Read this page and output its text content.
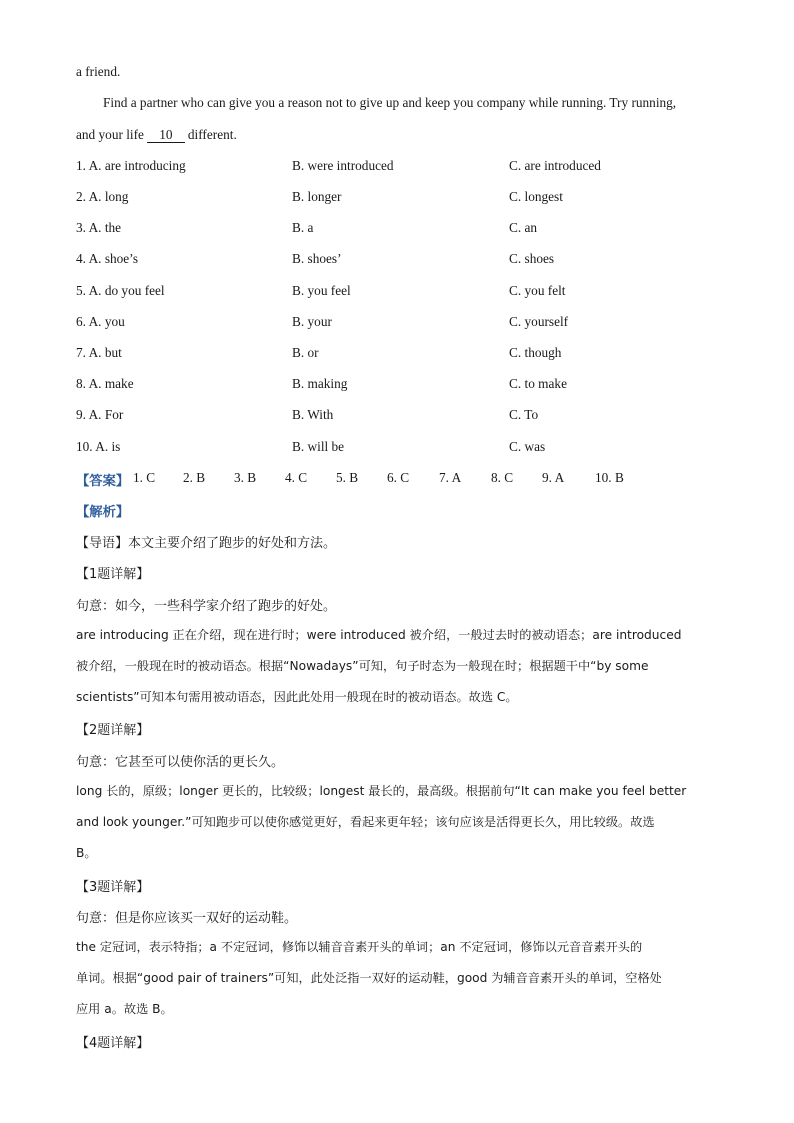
a friend.
Find a partner who can give you a reason not to give up and keep you company while running. Try running,
and your life 10 different.
1. A. are introducing	B. were introduced	C. are introduced
2. A. long	B. longer	C. longest
3. A. the	B. a	C. an
4. A. shoe’s	B. shoes’	C. shoes
5. A. do you feel	B. you feel	C. you felt
6. A. you	B. your	C. yourself
7. A. but	B. or	C. though
8. A. make	B. making	C. to make
9. A. For	B. With	C. To
10. A. is	B. will be	C. was
【答案】 1. C 2. B 3. B 4. C 5. B 6. C 7. A 8. C 9. A 10. B
【解析】
【导语】本文主要介绍了跑步的好处和方法。
【1题详解】
句意：如今，一些科学家介绍了跑步的好处。
are introducing 正在介绍，现在进行时；were introduced 被介绍，一般过去时的被动语态；are introduced
被介绍，一般现在时的被动语态。根据“Nowadays”可知，句子时态为一般现在时；根据题干中“by some
scientists”可知本句需用被动语态，因此此处用一般现在时的被动语态。故选 C。
【2题详解】
句意：它甚至可以使你活的更长久。
long 长的，原级；longer 更长的，比较级；longest 最长的，最高级。根据前句“It can make you feel better
and look younger.”可知跑步可以使你感觉更好，看起来更年轻；该句应该是活得更长久，用比较级。故选
B。
【3题详解】
句意：但是你应该买一双好的运动鞋。
the 定冠词，表示特指；a 不定冠词，修饰以辅音音素开头的单词；an 不定冠词，修饰以元音音素开头的
单词。根据“good pair of trainers”可知，此处泛指一双好的运动鞋，good 为辅音音素开头的单词，空格处
应用 a。故选 B。
【4题详解】
